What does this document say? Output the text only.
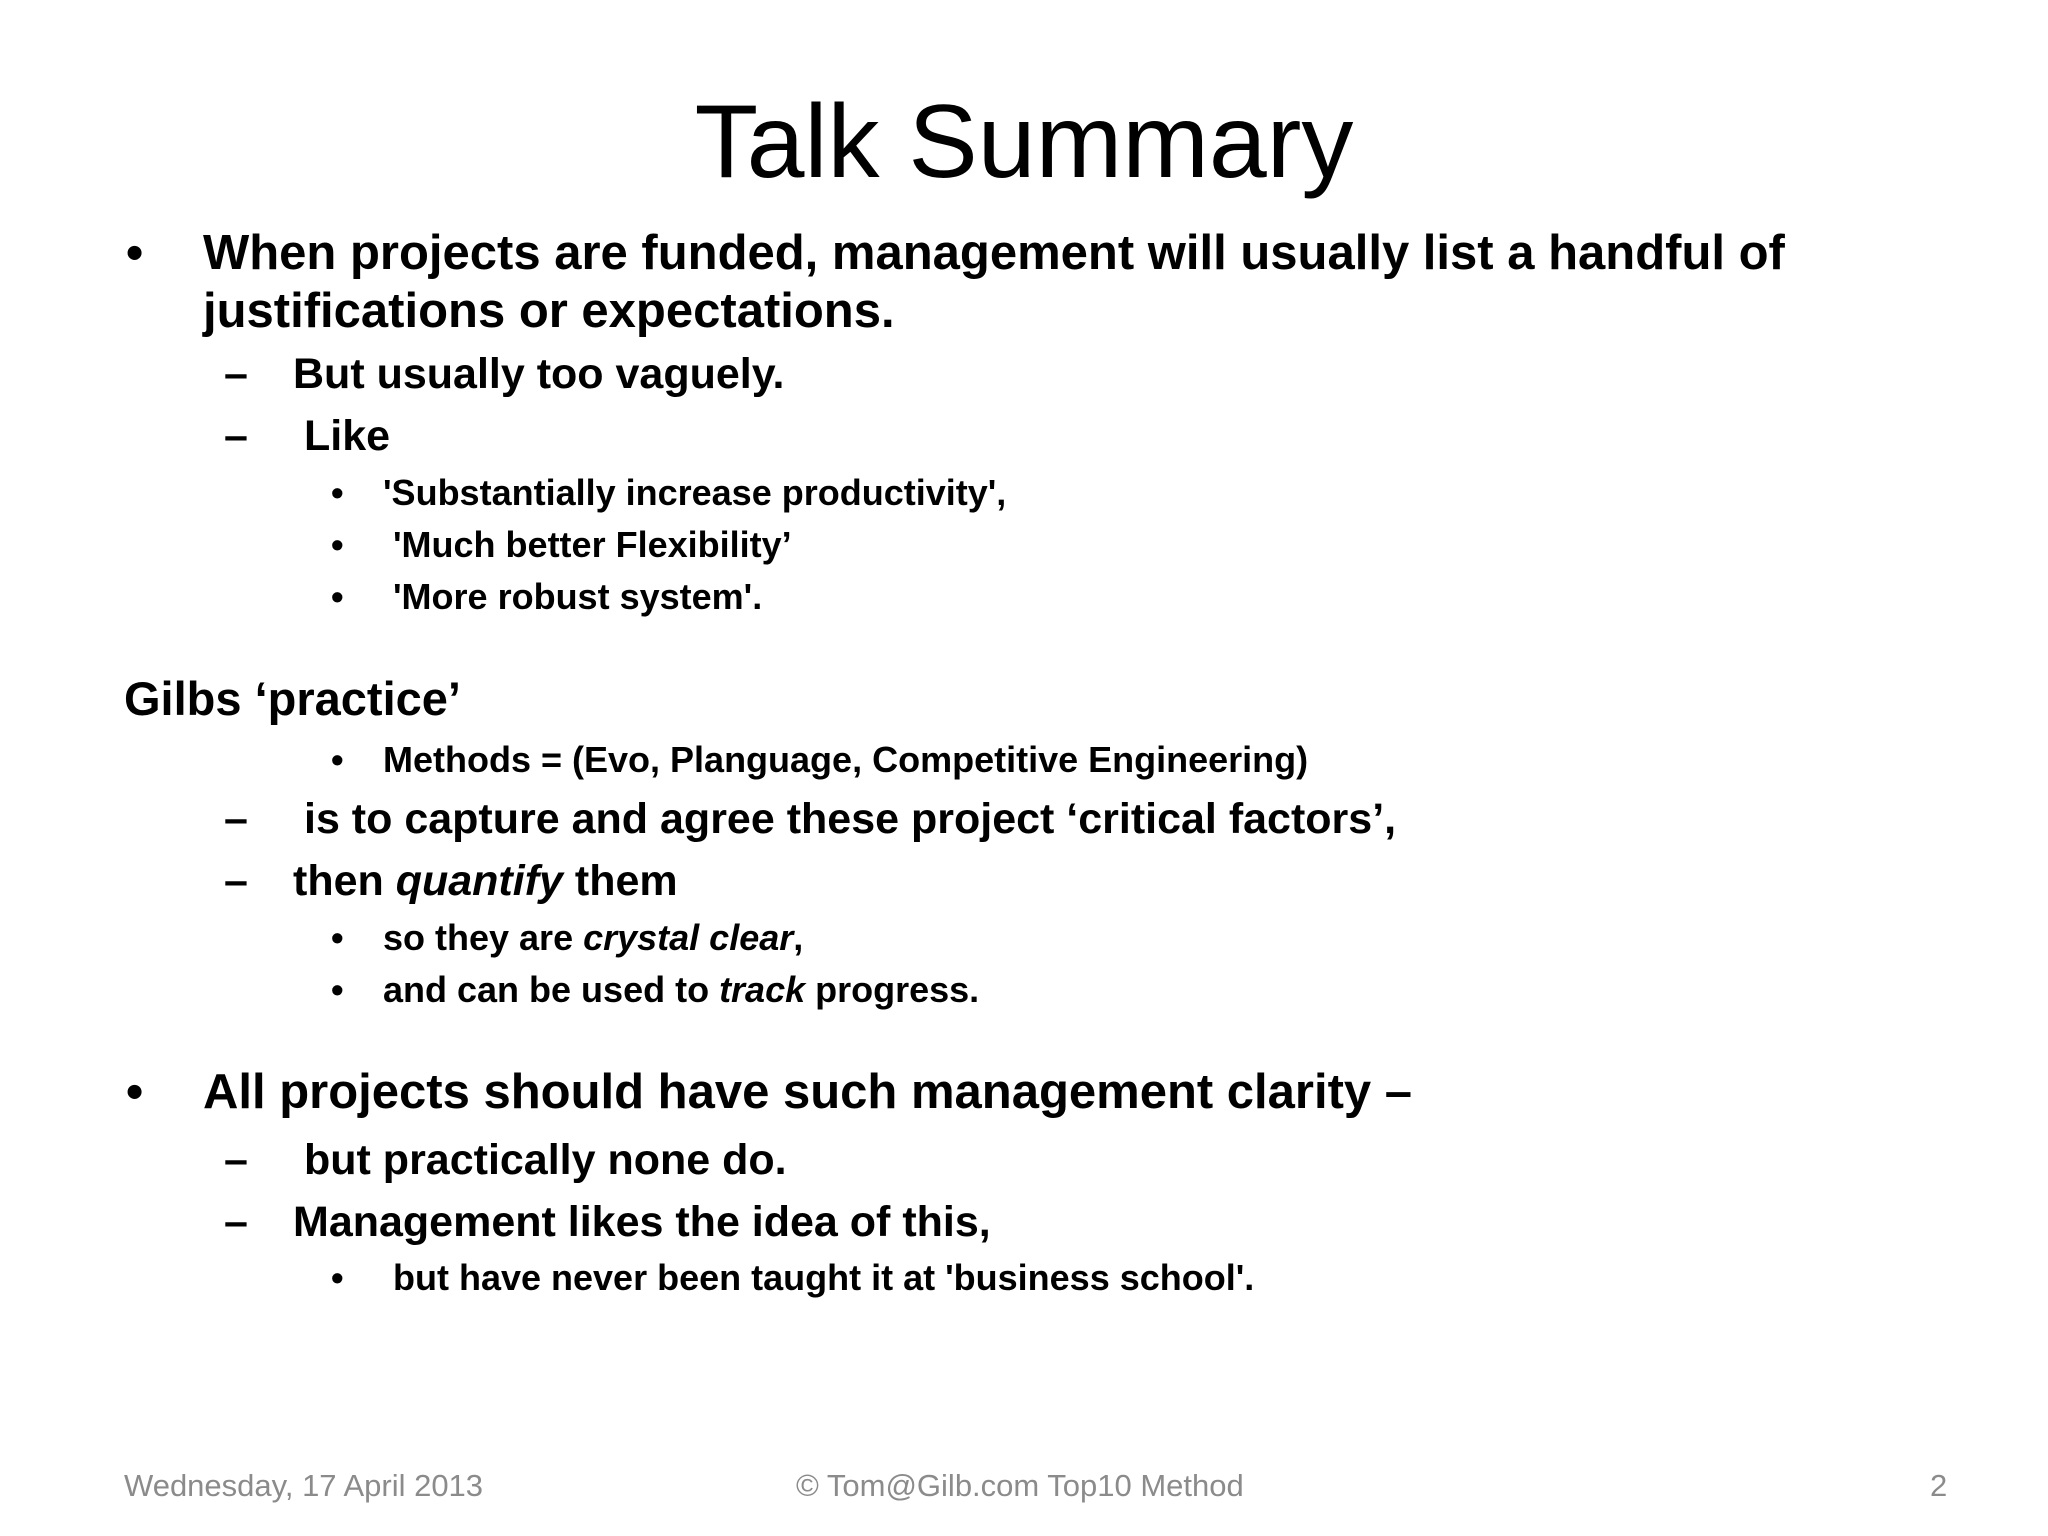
Talk Summary
• When projects are funded, management will usually list a handful of
justifications or expectations.
– But usually too vaguely.
– Like
• 'Substantially increase productivity',
• 'Much better Flexibility’
• 'More robust system'.
Gilbs ‘practice’
• Methods = (Evo, Planguage, Competitive Engineering)
– is to capture and agree these project ‘critical factors’,
– then quantify them
• so they are crystal clear,
• and can be used to track progress.
• All projects should have such management clarity –
– but practically none do.
– Management likes the idea of this,
• but have never been taught it at 'business school'.
Wednesday, 17 April 2013	© Tom@Gilb.com Top10 Method	2
